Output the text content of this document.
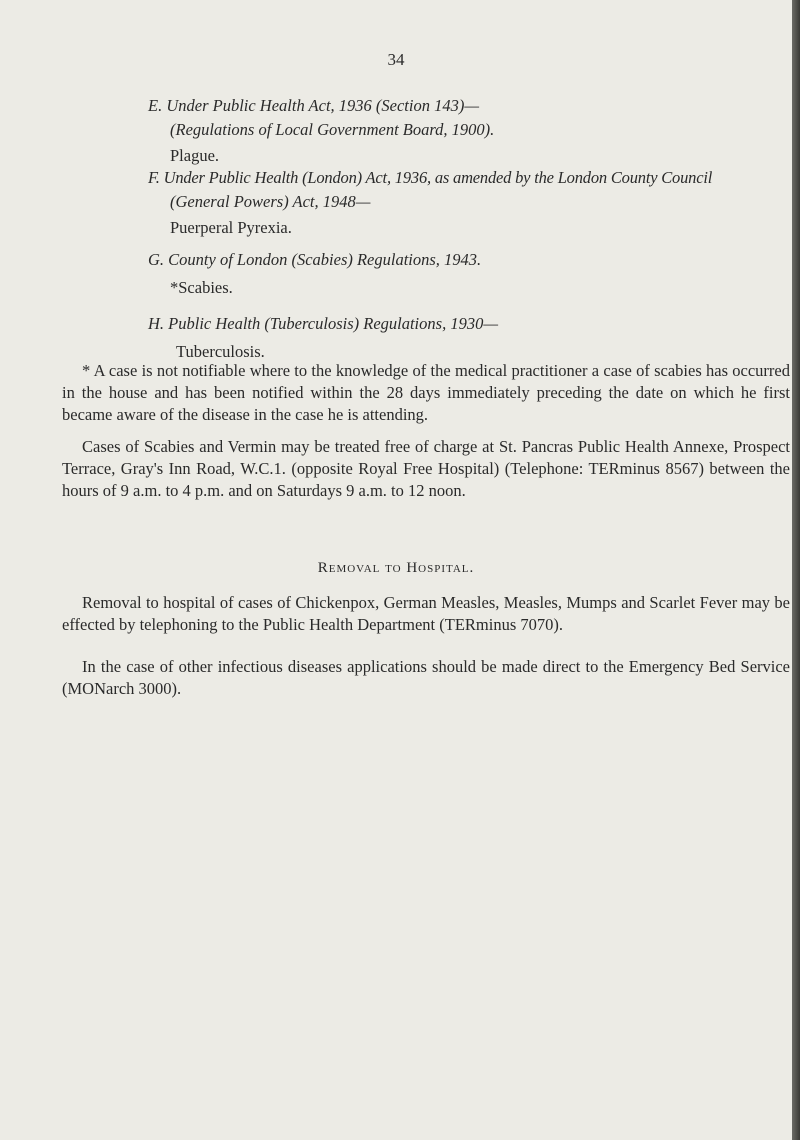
34
E. Under Public Health Act, 1936 (Section 143)—
(Regulations of Local Government Board, 1900).
Plague.
F. Under Public Health (London) Act, 1936, as amended by the London County Council
(General Powers) Act, 1948—
Puerperal Pyrexia.
G. County of London (Scabies) Regulations, 1943.
*Scabies.
H. Public Health (Tuberculosis) Regulations, 1930—
Tuberculosis.
* A case is not notifiable where to the knowledge of the medical practitioner a case of scabies has occurred in the house and has been notified within the 28 days immediately preceding the date on which he first became aware of the disease in the case he is attending.
Cases of Scabies and Vermin may be treated free of charge at St. Pancras Public Health Annexe, Prospect Terrace, Gray's Inn Road, W.C.1. (opposite Royal Free Hospital) (Telephone: TERminus 8567) between the hours of 9 a.m. to 4 p.m. and on Saturdays 9 a.m. to 12 noon.
Removal to Hospital.
Removal to hospital of cases of Chickenpox, German Measles, Measles, Mumps and Scarlet Fever may be effected by telephoning to the Public Health Department (TERminus 7070).
In the case of other infectious diseases applications should be made direct to the Emergency Bed Service (MONarch 3000).
